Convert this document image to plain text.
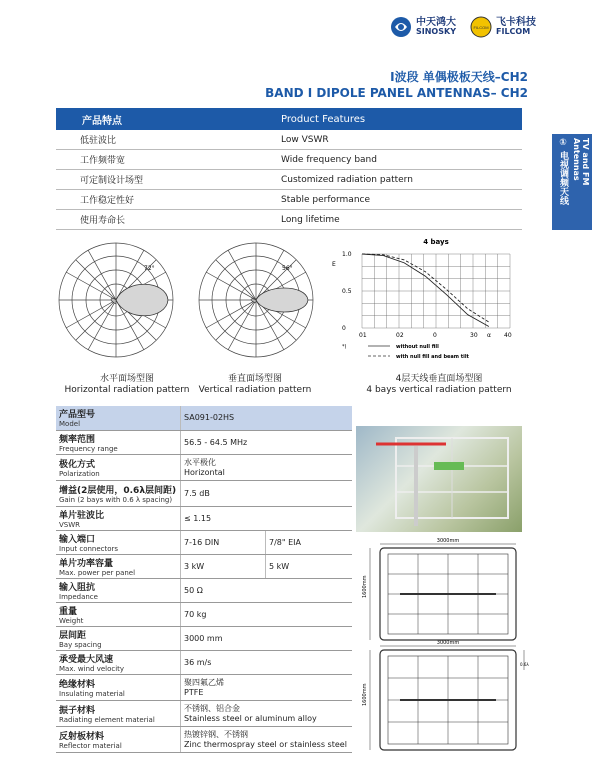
中天鸿大
SINOSKY	FILCOM 飞卡科技
FILCOM
I波段 单偶极板天线–CH2
BAND I DIPOLE PANEL ANTENNAS– CH2
① 电视调频天线	TV and FM Antennas
产品特点	Product Features
低驻波比	Low VSWR
工作频带宽	Wide frequency band
可定制设计场型	Customized radiation pattern
工作稳定性好	Stable performance
使用寿命长	Long lifetime
72°	56°
水平面场型图
Horizontal radiation pattern
垂直面场型图
Vertical radiation pattern
4层天线垂直面场型图
4 bays vertical radiation pattern
4 bays
E
1.0
0.5
0
01	02	0	30 α 40
*)	without null fill
with null fill and beam tilt
产品型号
Model	SA091-02HS	

频率范围
Frequency range	56.5 - 64.5 MHz	

极化方式
Polarization	水平极化
Horizontal	

增益(2层使用，0.6λ层间距)
Gain (2 bays with 0.6 λ spacing)	7.5 dB	

单片驻波比
VSWR	≤ 1.15	

输入端口
Input connectors	7-16 DIN	7/8" EIA

单片功率容量
Max. power per panel	3 kW	5 kW

输入阻抗
Impedance	50 Ω	

重量
Weight	70 kg	

层间距
Bay spacing	3000 mm	

承受最大风速
Max. wind velocity	36 m/s	

绝缘材料
Insulating material	聚四氟乙烯
PTFE	

振子材料
Radiating element material	不锈钢、铝合金
Stainless steel or aluminum alloy	

反射板材料
Reflector material	热镀锌钢、不锈钢
Zinc thermospray steel or stainless steel	
3000mm
1600mm
3000mm
1600mm
0.6λ
